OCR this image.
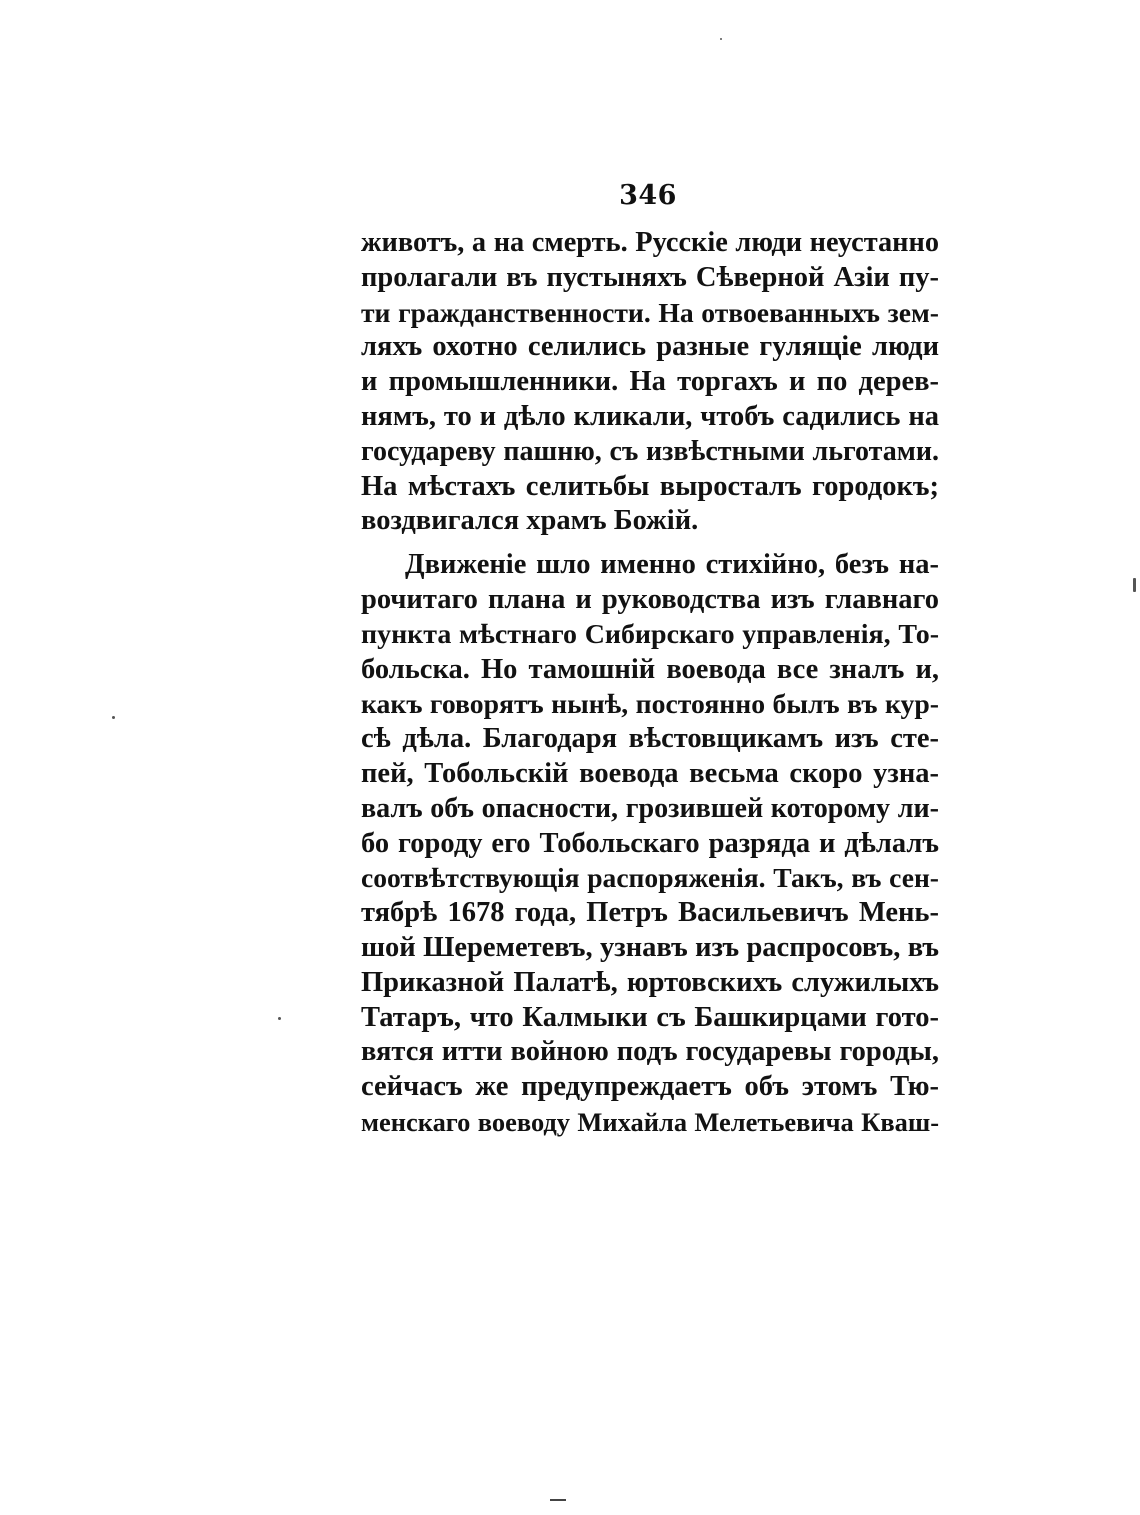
346
животъ, а на смерть. Русскіе люди неустанно
пролагали въ пустыняхъ Сѣверной Азіи пу-
ти гражданственности. На отвоеванныхъ зем-
ляхъ охотно селились разные гулящіе люди
и промышленники. На торгахъ и по дерев-
нямъ, то и дѣло кликали, чтобъ садились на
государеву пашню, съ извѣстными льготами.
На мѣстахъ селитьбы выросталъ городокъ;
воздвигался храмъ Божій.
Движеніе шло именно стихійно, безъ на-
рочитаго плана и руководства изъ главнаго
пункта мѣстнаго Сибирскаго управленія, То-
больска. Но тамошній воевода все зналъ и,
какъ говорятъ нынѣ, постоянно былъ въ кур-
сѣ дѣла. Благодаря вѣстовщикамъ изъ сте-
пей, Тобольскій воевода весьма скоро узна-
валъ объ опасности, грозившей которому ли-
бо городу его Тобольскаго разряда и дѣлалъ
соотвѣтствующія распоряженія. Такъ, въ сен-
тябрѣ 1678 года, Петръ Васильевичъ Мень-
шой Шереметевъ, узнавъ изъ распросовъ, въ
Приказной Палатѣ, юртовскихъ служилыхъ
Татаръ, что Калмыки съ Башкирцами гото-
вятся итти войною подъ государевы городы,
сейчасъ же предупреждаетъ объ этомъ Тю-
менскаго воеводу Михайла Мелетьевича Кваш-
